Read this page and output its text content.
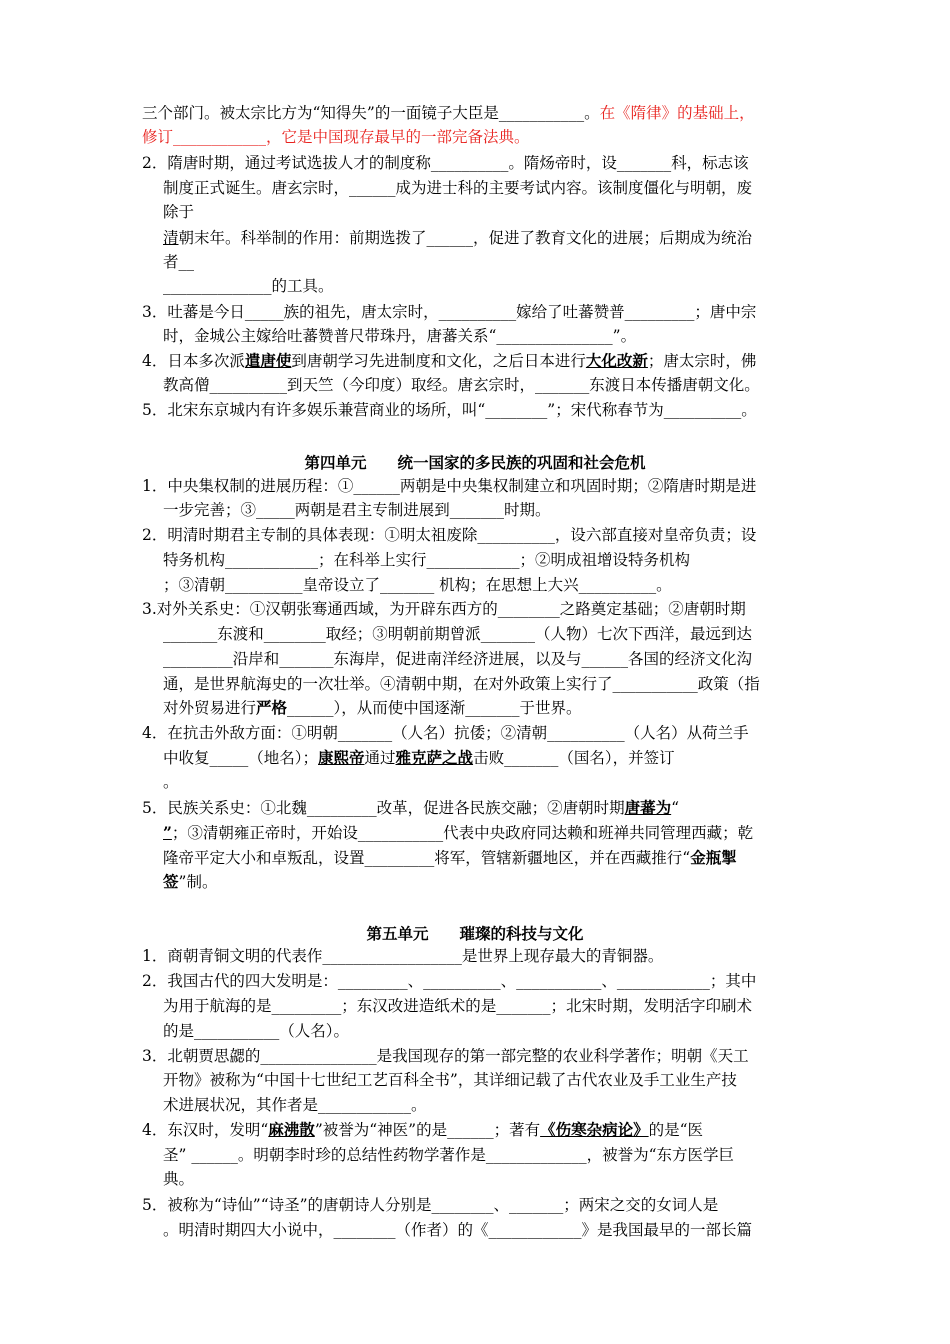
三个部门。被太宗比方为“知得失”的一面镜子大臣是___________。在《隋律》的基础上，
修订____________，它是中国现存最早的一部完备法典。
2．隋唐时期，通过考试选拔人才的制度称__________。隋炀帝时，设_______科，标志该
制度正式诞生。唐玄宗时，______成为进士科的主要考试内容。该制度僵化与明朝，废
除于
清朝末年。科举制的作用：前期选拨了______，促进了教育文化的进展；后期成为统治
者__
______________的工具。
3．吐蕃是今日_____族的祖先，唐太宗时，__________嫁给了吐蕃赞普_________；唐中宗
时，金城公主嫁给吐蕃赞普尺带珠丹，唐蕃关系“_______________”。
4．日本多次派遣唐使到唐朝学习先进制度和文化，之后日本进行大化改新；唐太宗时，佛
教高僧__________到天竺（今印度）取经。唐玄宗时，_______东渡日本传播唐朝文化。
5．北宋东京城内有许多娱乐兼营商业的场所，叫“________”；宋代称春节为__________。
第四单元　　统一国家的多民族的巩固和社会危机
1．中央集权制的进展历程：①______两朝是中央集权制建立和巩固时期；②隋唐时期是进
一步完善；③_____两朝是君主专制进展到_______时期。
2．明清时期君主专制的具体表现：①明太祖废除__________，设六部直接对皇帝负责；设
特务机构____________；在科举上实行____________；②明成祖增设特务机构
；③清朝__________皇帝设立了_______ 机构；在思想上大兴__________。
3.对外关系史：①汉朝张骞通西域，为开辟东西方的________之路奠定基础；②唐朝时期
_______东渡和________取经；③明朝前期曾派_______（人物）七次下西洋，最远到达
_________沿岸和_______东海岸，促进南洋经济进展，以及与______各国的经济文化沟
通，是世界航海史的一次壮举。④清朝中期，在对外政策上实行了___________政策（指
对外贸易进行严格______），从而使中国逐渐_______于世界。
4．在抗击外敌方面：①明朝_______（人名）抗倭；②清朝__________（人名）从荷兰手
中收复_____（地名）；康熙帝通过雅克萨之战击败_______（国名），并签订
。
5．民族关系史：①北魏_________改革，促进各民族交融；②唐朝时期唐蕃为“
”；③清朝雍正帝时，开始设___________代表中央政府同达赖和班禅共同管理西藏；乾
隆帝平定大小和卓叛乱，设置_________将军，管辖新疆地区，并在西藏推行“金瓶掣
签”制。
第五单元　　璀璨的科技与文化
1．商朝青铜文明的代表作__________________是世界上现存最大的青铜器。
2．我国古代的四大发明是：_________、__________、___________、____________；其中
为用于航海的是_________；东汉改进造纸术的是_______；北宋时期，发明活字印刷术
的是___________（人名）。
3．北朝贾思勰的_______________是我国现存的第一部完整的农业科学著作；明朝《天工
开物》被称为“中国十七世纪工艺百科全书”，其详细记载了古代农业及手工业生产技
术进展状况，其作者是____________。
4．东汉时，发明“麻沸散”被誉为“神医”的是______；著有《伤寒杂病论》的是“医
圣” ______。明朝李时珍的总结性药物学著作是_____________，被誉为“东方医学巨
典。
5．被称为“诗仙”“诗圣”的唐朝诗人分别是________、_______；两宋之交的女词人是
。明清时期四大小说中，________（作者）的《____________》是我国最早的一部长篇
